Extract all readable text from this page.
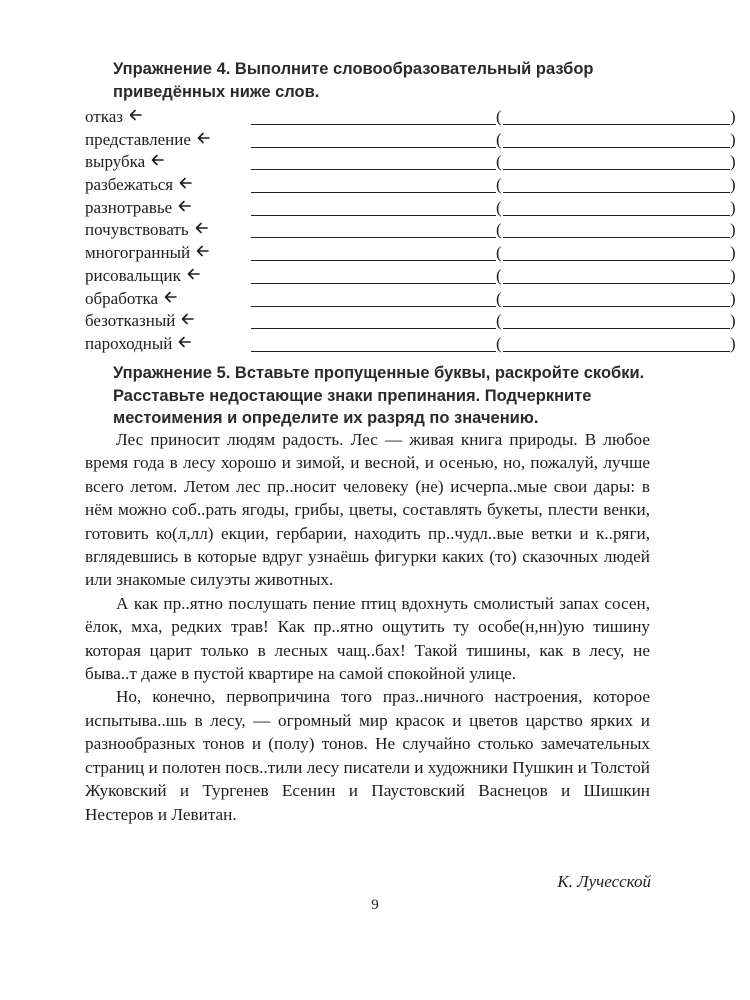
Упражнение 4. Выполните словообразовательный разбор приведённых ниже слов.

отказ	(	)
представление	(	)
вырубка	(	)
разбежаться	(	)
разнотравье	(	)
почувствовать	(	)
многогранный	(	)
рисовальщик	(	)
обработка	(	)
безотказный	(	)
пароходный	(	)

Упражнение 5. Вставьте пропущенные буквы, раскройте скобки. Расставьте недостающие знаки препинания. Подчеркните местоимения и определите их разряд по значению.

Лес приносит людям радость. Лес — живая книга природы. В любое время года в лесу хорошо и зимой, и весной, и осенью, но, пожалуй, лучше всего летом. Летом лес пр..носит человеку (не) исчерпа..мые свои дары: в нём можно соб..рать ягоды, грибы, цветы, составлять букеты, плести венки, готовить ко(л,лл) екции, гербарии, находить пр..чудл..вые ветки и к..ряги, вглядевшись в которые вдруг узнаёшь фигурки каких (то) сказочных людей или знакомые силуэты животных.

А как пр..ятно послушать пение птиц вдохнуть смолистый запах сосен, ёлок, мха, редких трав! Как пр..ятно ощутить ту особе(н,нн)ую тишину которая царит только в лесных чащ..бах! Такой тишины, как в лесу, не быва..т даже в пустой квартире на самой спокойной улице.

Но, конечно, первопричина того праз..ничного настроения, которое испытыва..шь в лесу, — огромный мир красок и цветов царство ярких и разнообразных тонов и (полу) тонов. Не случайно столько замечательных страниц и полотен посв..тили лесу писатели и художники Пушкин и Толстой Жуковский и Тургенев Есенин и Паустовский Васнецов и Шишкин Нестеров и Левитан.

К. Лучесской
9
